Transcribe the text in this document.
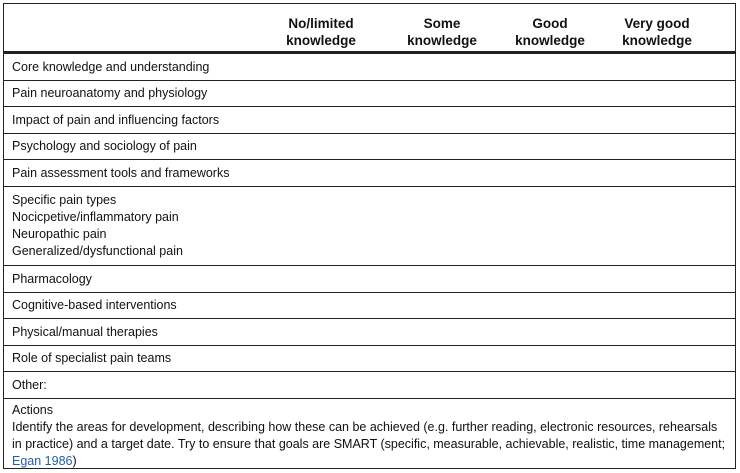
No/limited
knowledge
Some
knowledge
Good
knowledge
Very good
knowledge
Core knowledge and understanding
Pain neuroanatomy and physiology
Impact of pain and influencing factors
Psychology and sociology of pain
Pain assessment tools and frameworks
Specific pain types
Nocicpetive/inflammatory pain
Neuropathic pain
Generalized/dysfunctional pain
Pharmacology
Cognitive-based interventions
Physical/manual therapies
Role of specialist pain teams
Other:
Actions
Identify the areas for development, describing how these can be achieved (e.g. further reading, electronic resources, rehearsals in practice) and a target date. Try to ensure that goals are SMART (specific, measurable, achievable, realistic, time management; Egan 1986)
